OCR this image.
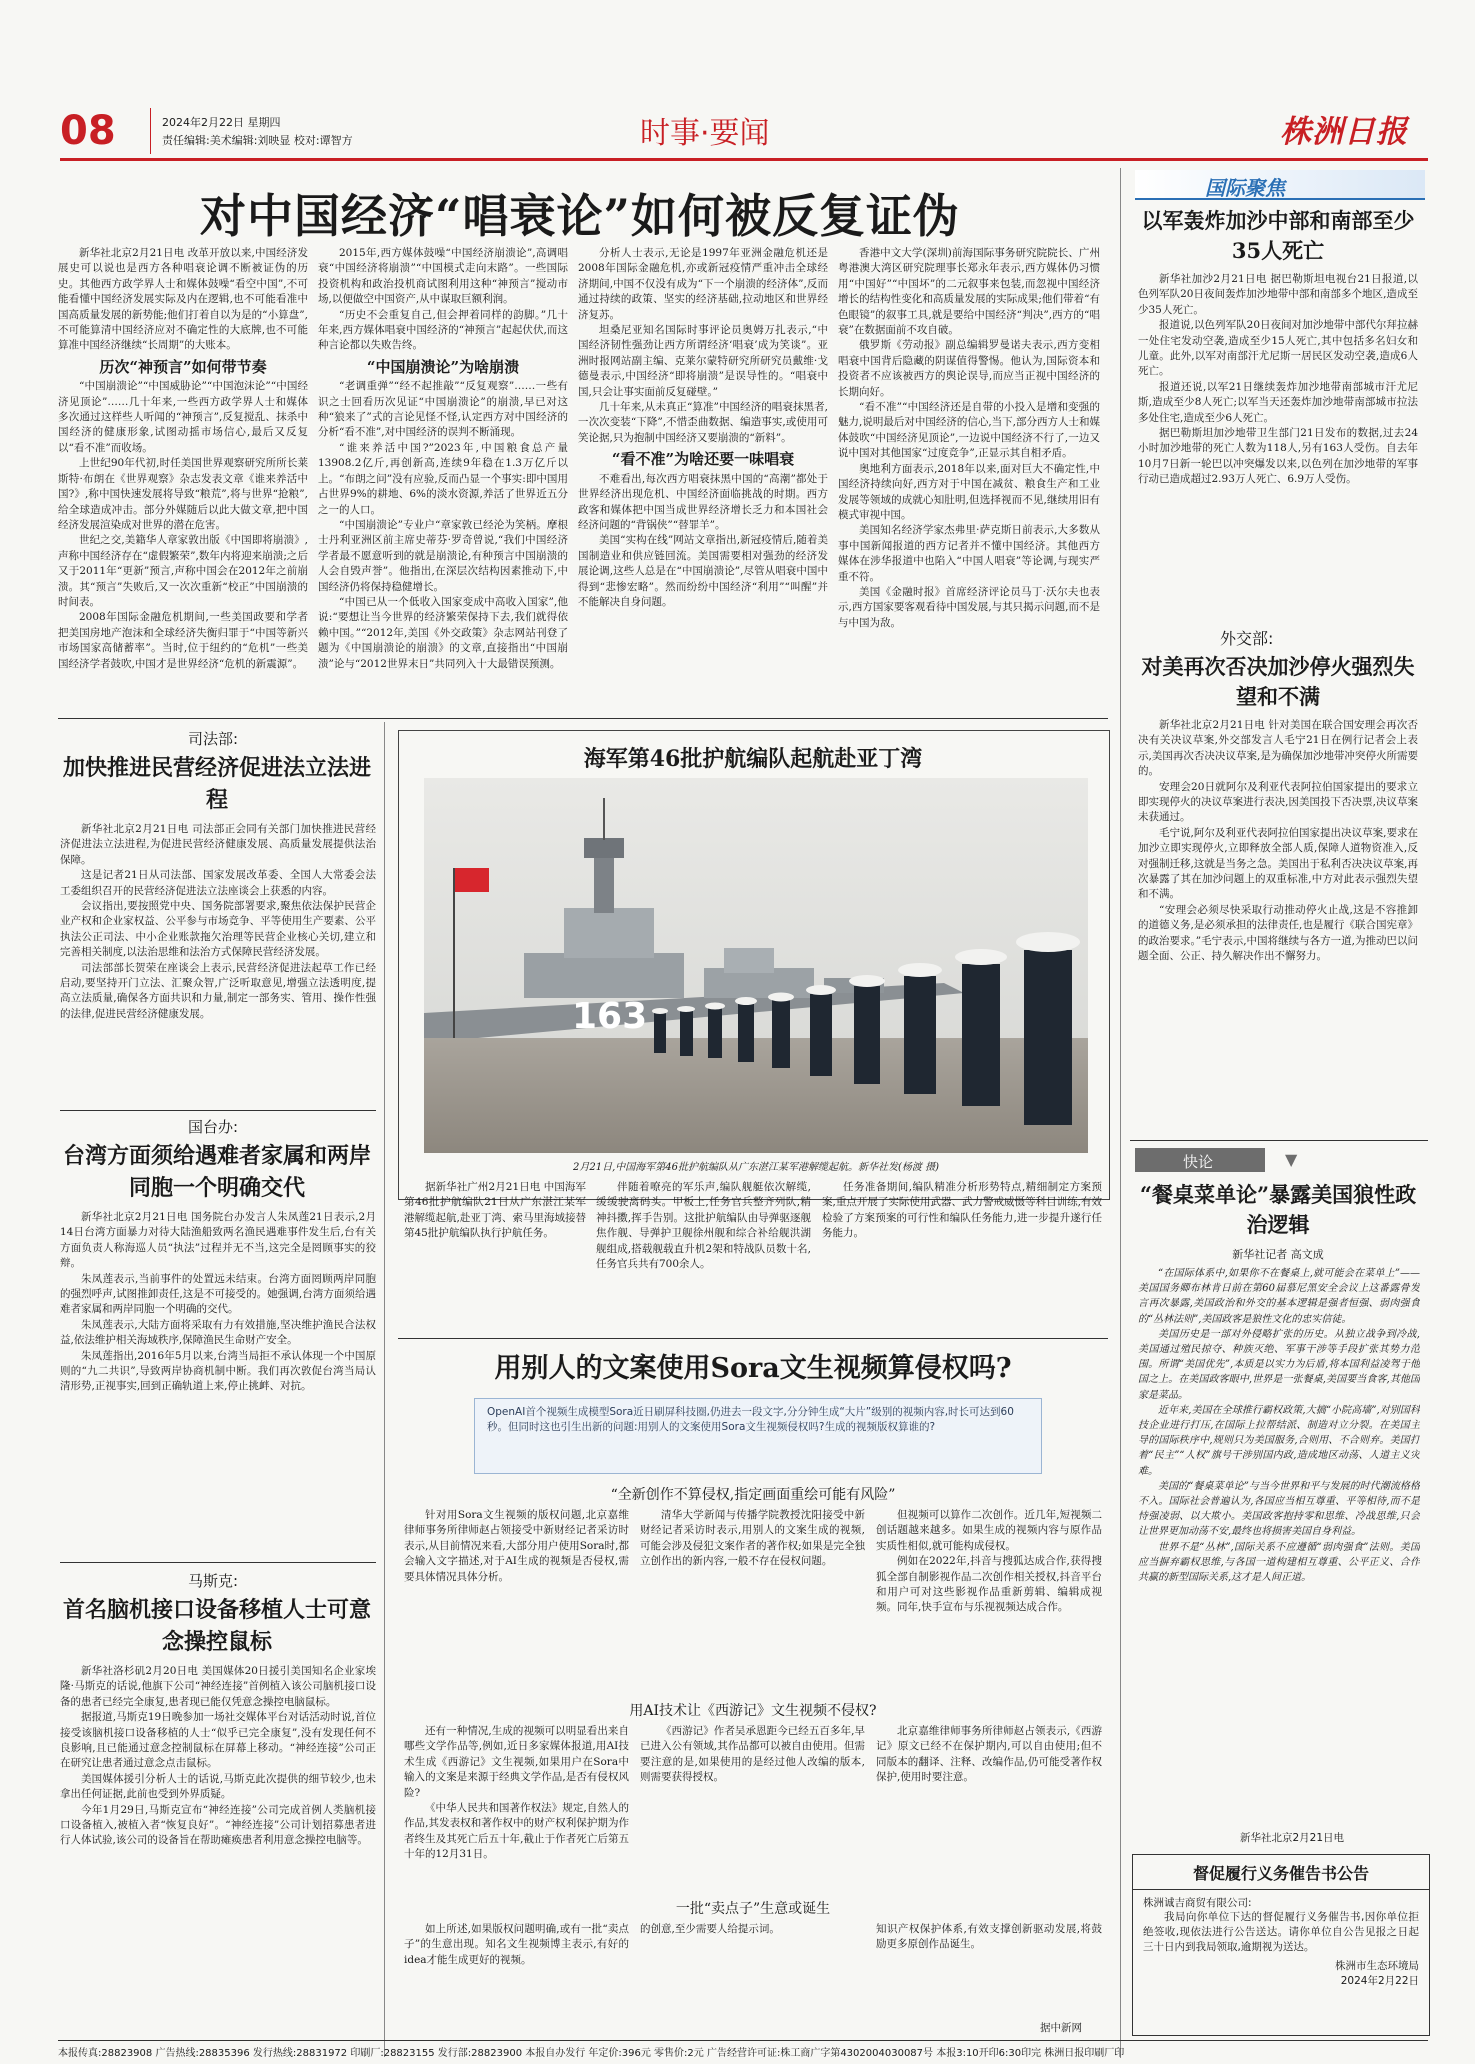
08	2024年2月22日 星期四
责任编辑:美术编辑:刘映显 校对:谭智方	时事·要闻	株洲日报
对中国经济“唱衰论”如何被反复证伪
新华社北京2月21日电 改革开放以来,中国经济发展史可以说也是西方各种唱衰论调不断被证伪的历史。其他西方政学界人士和媒体鼓噪“看空中国”,不可能看懂中国经济发展实际及内在逻辑,也不可能看准中国高质量发展的新势能;他们打着自以为是的“小算盘”,不可能算清中国经济应对不确定性的大底牌,也不可能算准中国经济继续“长周期”的大账本。
历次“神预言”如何带节奏
“中国崩溃论”“中国威胁论”“中国泡沫论”“中国经济见顶论”……几十年来,一些西方政学界人士和媒体多次通过这样些人听闻的“神预言”,反复搅乱、抹杀中国经济的健康形象,试图动摇市场信心,最后又反复以“看不准”而收场。
上世纪90年代初,时任美国世界观察研究所所长莱斯特·布朗在《世界观察》杂志发表文章《谁来养活中国?》,称中国快速发展将导致“粮荒”,将与世界“抢粮”,给全球造成冲击。部分外媒随后以此大做文章,把中国经济发展渲染成对世界的潜在危害。
世纪之交,美籍华人章家敦出版《中国即将崩溃》,声称中国经济存在“虚假繁荣”,数年内将迎来崩溃;之后又于2011年“更新”预言,声称中国会在2012年之前崩溃。其“预言”失败后,又一次次重新“校正”中国崩溃的时间表。
2008年国际金融危机期间,一些美国政要和学者把美国房地产泡沫和全球经济失衡归罪于“中国等新兴市场国家高储蓄率”。当时,位于纽约的“危机”一些美国经济学者鼓吹,中国才是世界经济“危机的新震源”。
2015年,西方媒体鼓噪“中国经济崩溃论”,高调唱衰“中国经济将崩溃”“中国模式走向末路”。一些国际投资机构和政治投机商试图利用这种“神预言”搅动市场,以便做空中国资产,从中谋取巨额利润。
“历史不会重复自己,但会押着同样的韵脚。”几十年来,西方媒体唱衰中国经济的“神预言”起起伏伏,而这种言论都以失败告终。
“中国崩溃论”为啥崩溃
“老调重弹”“经不起推敲”“反复观察”……一些有识之士回看历次见证“中国崩溃论”的崩溃,早已对这种“狼来了”式的言论见怪不怪,认定西方对中国经济的分析“看不准”,对中国经济的误判不断涌现。
“谁来养活中国?”2023年,中国粮食总产量13908.2亿斤,再创新高,连续9年稳在1.3万亿斤以上。“布朗之问”没有应验,反而凸显一个事实:即中国用占世界9%的耕地、6%的淡水资源,养活了世界近五分之一的人口。
“中国崩溃论”专业户“章家敦已经沦为笑柄。摩根士丹利亚洲区前主席史蒂芬·罗奇曾说,“我们中国经济学者最不愿意听到的就是崩溃论,有种预言中国崩溃的人会自毁声誉”。他指出,在深层次结构因素推动下,中国经济仍将保持稳健增长。
“中国已从一个低收入国家变成中高收入国家”,他说:“要想让当今世界的经济繁荣保持下去,我们就得依赖中国。”“2012年,美国《外交政策》杂志网站刊登了题为《中国崩溃论的崩溃》的文章,直接指出“中国崩溃”论与“2012世界末日”共同列入十大最错误预测。
分析人士表示,无论是1997年亚洲金融危机还是2008年国际金融危机,亦或新冠疫情严重冲击全球经济期间,中国不仅没有成为“下一个崩溃的经济体”,反而通过持续的政策、坚实的经济基础,拉动地区和世界经济复苏。
坦桑尼亚知名国际时事评论员奥姆万扎表示,“中国经济韧性强劲让西方所谓经济‘唱衰’成为笑谈”。亚洲时报网站副主编、克莱尔蒙特研究所研究员戴维·戈德曼表示,中国经济“即将崩溃”是误导性的。“唱衰中国,只会让事实面前反复碰壁。”
几十年来,从未真正“算准”中国经济的唱衰抹黑者,一次次变装“下降”,不惜歪曲数据、编造事实,或使用可笑论据,只为抱制中国经济又要崩溃的“新料”。
“看不准”为啥还要一味唱衰
不难看出,每次西方唱衰抹黑中国的“高潮”都处于世界经济出现危机、中国经济面临挑战的时期。西方政客和媒体把中国当成世界经济增长乏力和本国社会经济问题的“背锅侠”“替罪羊”。
美国“实构在线”网站文章指出,新冠疫情后,随着美国制造业和供应链回流。美国需要相对强劲的经济发展论调,这些人总是在“中国崩溃论”,尽管从唱衰中国中得到“悲惨宏略”。然而纷纷中国经济“利用”“叫醒”并不能解决自身问题。
香港中文大学(深圳)前海国际事务研究院院长、广州粤港澳大湾区研究院理事长郑永年表示,西方媒体仍习惯用“中国好”“中国坏”的二元叙事来包装,而忽视中国经济增长的结构性变化和高质量发展的实际成果;他们带着“有色眼镜”的叙事工具,就是要给中国经济“判决”,西方的“唱衰”在数据面前不攻自破。
俄罗斯《劳动报》副总编辑罗曼诺夫表示,西方变相唱衰中国背后隐藏的阴谋值得警惕。他认为,国际资本和投资者不应该被西方的舆论误导,而应当正视中国经济的长期向好。
“看不准”“中国经济还是自带的小投入是增和变强的魅力,说明最后对中国经济的信心,当下,部分西方人士和媒体鼓吹“中国经济见顶论”,一边说中国经济不行了,一边又说中国对其他国家“过度竞争”,正显示其自相矛盾。
奥地利方面表示,2018年以来,面对巨大不确定性,中国经济持续向好,西方对于中国在减贫、粮食生产和工业发展等领域的成就心知肚明,但选择视而不见,继续用旧有模式审视中国。
美国知名经济学家杰弗里·萨克斯日前表示,大多数从事中国新闻报道的西方记者并不懂中国经济。其他西方媒体在涉华报道中也陷入“中国人唱衰”等论调,与现实严重不符。
美国《金融时报》首席经济评论员马丁·沃尔夫也表示,西方国家要客观看待中国发展,与其只揭示问题,而不是与中国为敌。
国际聚焦
以军轰炸加沙中部和南部至少35人死亡
新华社加沙2月21日电 据巴勒斯坦电视台21日报道,以色列军队20日夜间轰炸加沙地带中部和南部多个地区,造成至少35人死亡。
报道说,以色列军队20日夜间对加沙地带中部代尔拜拉赫一处住宅发动空袭,造成至少15人死亡,其中包括多名妇女和儿童。此外,以军对南部汗尤尼斯一居民区发动空袭,造成6人死亡。
报道还说,以军21日继续轰炸加沙地带南部城市汗尤尼斯,造成至少8人死亡;以军当天还轰炸加沙地带南部城市拉法多处住宅,造成至少6人死亡。
据巴勒斯坦加沙地带卫生部门21日发布的数据,过去24小时加沙地带的死亡人数为118人,另有163人受伤。自去年10月7日新一轮巴以冲突爆发以来,以色列在加沙地带的军事行动已造成超过2.93万人死亡、6.9万人受伤。
外交部:
对美再次否决加沙停火强烈失望和不满
新华社北京2月21日电 针对美国在联合国安理会再次否决有关决议草案,外交部发言人毛宁21日在例行记者会上表示,美国再次否决决议草案,是为确保加沙地带冲突停火所需要的。
安理会20日就阿尔及利亚代表阿拉伯国家提出的要求立即实现停火的决议草案进行表决,因美国投下否决票,决议草案未获通过。
毛宁说,阿尔及利亚代表阿拉伯国家提出决议草案,要求在加沙立即实现停火,立即释放全部人质,保障人道物资准入,反对强制迁移,这就是当务之急。美国出于私利否决决议草案,再次暴露了其在加沙问题上的双重标准,中方对此表示强烈失望和不满。
“安理会必须尽快采取行动推动停火止战,这是不容推卸的道德义务,是必须承担的法律责任,也是履行《联合国宪章》的政治要求。”毛宁表示,中国将继续与各方一道,为推动巴以问题全面、公正、持久解决作出不懈努力。
司法部:
加快推进民营经济促进法立法进程
新华社北京2月21日电 司法部正会同有关部门加快推进民营经济促进法立法进程,为促进民营经济健康发展、高质量发展提供法治保障。
这是记者21日从司法部、国家发展改革委、全国人大常委会法工委组织召开的民营经济促进法立法座谈会上获悉的内容。
会议指出,要按照党中央、国务院部署要求,聚焦依法保护民营企业产权和企业家权益、公平参与市场竞争、平等使用生产要素、公平执法公正司法、中小企业账款拖欠治理等民营企业核心关切,建立和完善相关制度,以法治思维和法治方式保障民营经济发展。
司法部部长贺荣在座谈会上表示,民营经济促进法起草工作已经启动,要坚持开门立法、汇聚众智,广泛听取意见,增强立法透明度,提高立法质量,确保各方面共识和力量,制定一部务实、管用、操作性强的法律,促进民营经济健康发展。
国台办:
台湾方面须给遇难者家属和两岸同胞一个明确交代
新华社北京2月21日电 国务院台办发言人朱凤莲21日表示,2月14日台湾方面暴力对待大陆渔船致两名渔民遇难事件发生后,台有关方面负责人称海巡人员“执法”过程并无不当,这完全是罔顾事实的狡辩。
朱凤莲表示,当前事件的处置远未结束。台湾方面罔顾两岸同胞的强烈呼声,试图推卸责任,这是不可接受的。她强调,台湾方面须给遇难者家属和两岸同胞一个明确的交代。
朱凤莲表示,大陆方面将采取有力有效措施,坚决维护渔民合法权益,依法维护相关海域秩序,保障渔民生命财产安全。
朱凤莲指出,2016年5月以来,台湾当局拒不承认体现一个中国原则的“九二共识”,导致两岸协商机制中断。我们再次敦促台湾当局认清形势,正视事实,回到正确轨道上来,停止挑衅、对抗。
马斯克:
首名脑机接口设备移植人士可意念操控鼠标
新华社洛杉矶2月20日电 美国媒体20日援引美国知名企业家埃隆·马斯克的话说,他旗下公司“神经连接”首例植入该公司脑机接口设备的患者已经完全康复,患者现已能仅凭意念操控电脑鼠标。
据报道,马斯克19日晚参加一场社交媒体平台对话活动时说,首位接受该脑机接口设备移植的人士“似乎已完全康复”,没有发现任何不良影响,且已能通过意念控制鼠标在屏幕上移动。“神经连接”公司正在研究让患者通过意念点击鼠标。
美国媒体援引分析人士的话说,马斯克此次提供的细节较少,也未拿出任何证据,此前也受到外界质疑。
今年1月29日,马斯克宣布“神经连接”公司完成首例人类脑机接口设备植入,被植入者“恢复良好”。“神经连接”公司计划招募患者进行人体试验,该公司的设备旨在帮助瘫痪患者利用意念操控电脑等。
海军第46批护航编队起航赴亚丁湾
163
2月21日,中国海军第46批护航编队从广东湛江某军港解缆起航。新华社发(杨渡 摄)
据新华社广州2月21日电 中国海军第46批护航编队21日从广东湛江某军港解缆起航,赴亚丁湾、索马里海域接替第45批护航编队执行护航任务。
伴随着嘹亮的军乐声,编队舰艇依次解缆,缓缓驶离码头。甲板上,任务官兵整齐列队,精神抖擞,挥手告别。这批护航编队由导弹驱逐舰焦作舰、导弹护卫舰徐州舰和综合补给舰洪湖舰组成,搭载舰载直升机2架和特战队员数十名,任务官兵共有700余人。
任务准备期间,编队精准分析形势特点,精细制定方案预案,重点开展了实际使用武器、武力警戒威慑等科目训练,有效检验了方案预案的可行性和编队任务能力,进一步提升遂行任务能力。
用别人的文案使用Sora文生视频算侵权吗?
OpenAI首个视频生成模型Sora近日刷屏科技圈,仍进去一段文字,分分钟生成“大片”级别的视频内容,时长可达到60秒。但同时这也引生出新的问题:用别人的文案使用Sora文生视频侵权吗?生成的视频版权算谁的?
“全新创作不算侵权,指定画面重绘可能有风险”
针对用Sora文生视频的版权问题,北京嘉维律师事务所律师赵占领接受中新财经记者采访时表示,从目前情况来看,大部分用户使用Sora时,都会输入文字描述,对于AI生成的视频是否侵权,需要具体情况具体分析。
清华大学新闻与传播学院教授沈阳接受中新财经记者采访时表示,用别人的文案生成的视频,可能会涉及侵犯文案作者的著作权;如果是完全独立创作出的新内容,一般不存在侵权问题。
但视频可以算作二次创作。近几年,短视频二创话题越来越多。如果生成的视频内容与原作品实质性相似,就可能构成侵权。
例如在2022年,抖音与搜狐达成合作,获得搜狐全部自制影视作品二次创作相关授权,抖音平台和用户可对这些影视作品重新剪辑、编辑成视频。同年,快手宣布与乐视视频达成合作。
用AI技术让《西游记》文生视频不侵权?
还有一种情况,生成的视频可以明显看出来自哪些文学作品等,例如,近日多家媒体报道,用AI技术生成《西游记》文生视频,如果用户在Sora中输入的文案是来源于经典文学作品,是否有侵权风险?
《中华人民共和国著作权法》规定,自然人的作品,其发表权和著作权中的财产权利保护期为作者终生及其死亡后五十年,截止于作者死亡后第五十年的12月31日。
《西游记》作者吴承恩距今已经五百多年,早已进入公有领域,其作品都可以被自由使用。但需要注意的是,如果使用的是经过他人改编的版本,则需要获得授权。
北京嘉维律师事务所律师赵占领表示,《西游记》原文已经不在保护期内,可以自由使用;但不同版本的翻译、注释、改编作品,仍可能受著作权保护,使用时要注意。
一批“卖点子”生意或诞生
如上所述,如果版权问题明确,或有一批“卖点子”的生意出现。知名文生视频博主表示,有好的idea才能生成更好的视频。
的创意,至少需要人给提示词。	知识产权保护体系,有效支撑创新驱动发展,将鼓励更多原创作品诞生。
据中新网
快论	▼
“餐桌菜单论”暴露美国狼性政治逻辑
新华社记者 高文成
“在国际体系中,如果你不在餐桌上,就可能会在菜单上”——美国国务卿布林肯日前在第60届慕尼黑安全会议上这番露骨发言再次暴露,美国政治和外交的基本逻辑是强者恒强、弱肉强食的“丛林法则”,美国政客是狼性文化的忠实信徒。
美国历史是一部对外侵略扩张的历史。从独立战争到冷战,美国通过殖民掠夺、种族灭绝、军事干涉等手段扩张其势力范围。所谓“美国优先”,本质是以实力为后盾,将本国利益凌驾于他国之上。在美国政客眼中,世界是一张餐桌,美国要当食客,其他国家是菜品。
近年来,美国在全球推行霸权政策,大搞“小院高墙”,对别国科技企业进行打压,在国际上拉帮结派、制造对立分裂。在美国主导的国际秩序中,规则只为美国服务,合则用、不合则弃。美国打着“民主”“人权”旗号干涉别国内政,造成地区动荡、人道主义灾难。
美国的“餐桌菜单论”与当今世界和平与发展的时代潮流格格不入。国际社会普遍认为,各国应当相互尊重、平等相待,而不是恃强凌弱、以大欺小。美国政客抱持零和思维、冷战思维,只会让世界更加动荡不安,最终也将损害美国自身利益。
世界不是“丛林”,国际关系不应遵循“弱肉强食”法则。美国应当摒弃霸权思维,与各国一道构建相互尊重、公平正义、合作共赢的新型国际关系,这才是人间正道。
新华社北京2月21日电
督促履行义务催告书公告
株洲诚吉商贸有限公司:
我局向你单位下达的督促履行义务催告书,因你单位拒绝签收,现依法进行公告送达。请你单位自公告见报之日起三十日内到我局领取,逾期视为送达。
株洲市生态环境局
2024年2月22日
本报传真:28823908 广告热线:28835396 发行热线:28831972 印刷厂:28823155 发行部:28823900 本报自办发行 年定价:396元 零售价:2元 广告经营许可证:株工商广字第4302004030087号 本报3:10开印6:30印完 株洲日报印刷厂印
